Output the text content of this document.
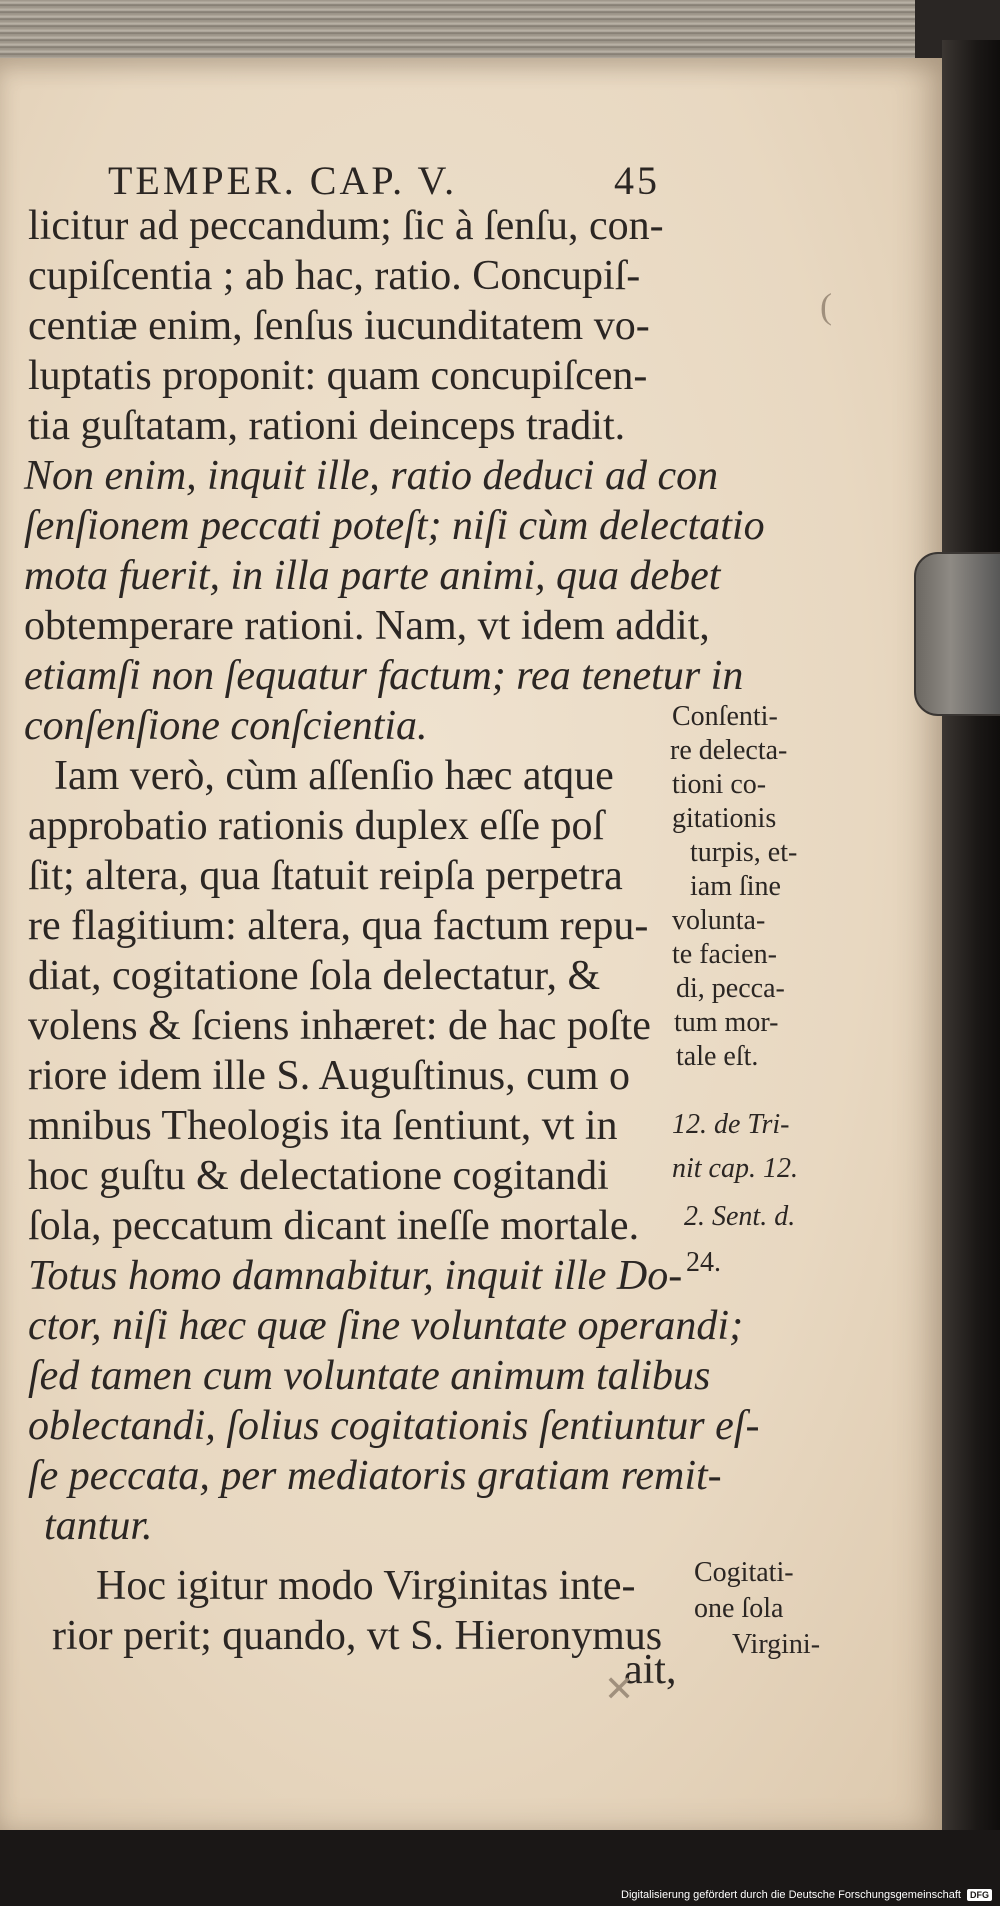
TEMPER. CAP. V.	45
licitur ad peccandum; ſic à ſenſu, con-
cupiſcentia ; ab hac, ratio. Concupiſ-
centiæ enim, ſenſus iucunditatem vo-
luptatis proponit: quam concupiſcen-
tia guſtatam, rationi deinceps tradit.
Non enim, inquit ille, ratio deduci ad con
ſenſionem peccati poteſt; niſi cùm delectatio
mota fuerit, in illa parte animi, qua debet
obtemperare rationi. Nam, vt idem addit,
etiamſi non ſequatur factum; rea tenetur in
conſenſione conſcientia.
Iam verò, cùm aſſenſio hæc atque
approbatio rationis duplex eſſe poſ
ſit; altera, qua ſtatuit reipſa perpetra
re flagitium: altera, qua factum repu-
diat, cogitatione ſola delectatur, &
volens & ſciens inhæret: de hac poſte
riore idem ille S. Auguſtinus, cum o
mnibus Theologis ita ſentiunt, vt in
hoc guſtu & delectatione cogitandi
ſola, peccatum dicant ineſſe mortale.
Totus homo damnabitur, inquit ille Do-
ctor, niſi hæc quæ ſine voluntate operandi;
ſed tamen cum voluntate animum talibus
oblectandi, ſolius cogitationis ſentiuntur eſ-
ſe peccata, per mediatoris gratiam remit-
tantur.
Hoc igitur modo Virginitas inte-
rior perit; quando, vt S. Hieronymus
ait,
Conſenti-
re delecta-
tioni co-
gitationis
turpis, et-
iam ſine
volunta-
te facien-
di, pecca-
tum mor-
tale eſt.
12. de Tri-
nit cap. 12.
2. Sent. d.
24.
Cogitati-
one ſola
Virgini-
(
✕
Digitalisierung gefördert durch die Deutsche Forschungsgemeinschaft	DFG
